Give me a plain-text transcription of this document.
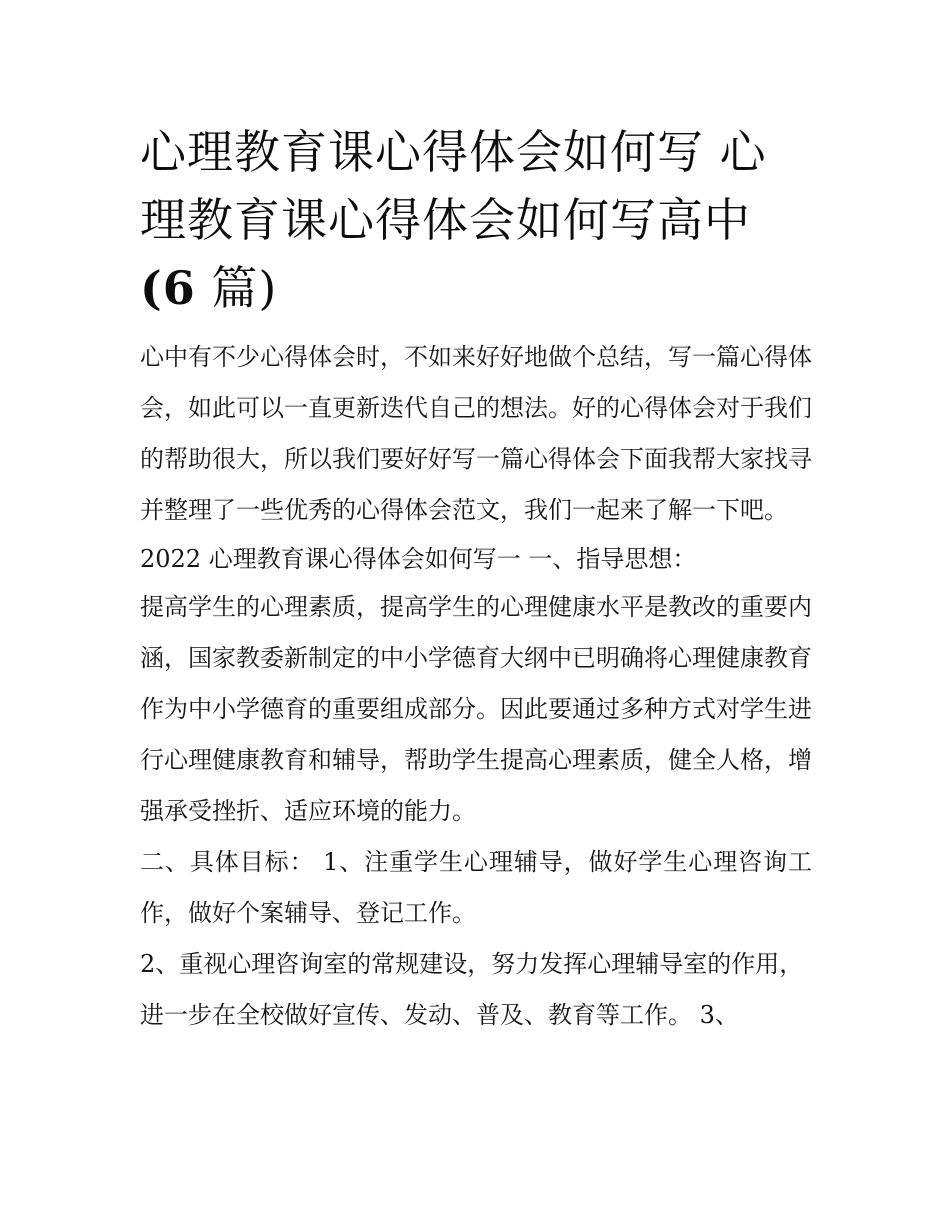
心理教育课心得体会如何写 心
理教育课心得体会如何写高中
(6 篇)

心中有不少心得体会时，不如来好好地做个总结，写一篇心得体会，如此可以一直更新迭代自己的想法。好的心得体会对于我们的帮助很大，所以我们要好好写一篇心得体会下面我帮大家找寻并整理了一些优秀的心得体会范文，我们一起来了解一下吧。

2022 心理教育课心得体会如何写一 一、指导思想：

提高学生的心理素质，提高学生的心理健康水平是教改的重要内涵，国家教委新制定的中小学德育大纲中已明确将心理健康教育作为中小学德育的重要组成部分。因此要通过多种方式对学生进行心理健康教育和辅导，帮助学生提高心理素质，健全人格，增强承受挫折、适应环境的能力。

二、具体目标： 1、注重学生心理辅导，做好学生心理咨询工作，做好个案辅导、登记工作。

2、重视心理咨询室的常规建设，努力发挥心理辅导室的作用，进一步在全校做好宣传、发动、普及、教育等工作。 3、
